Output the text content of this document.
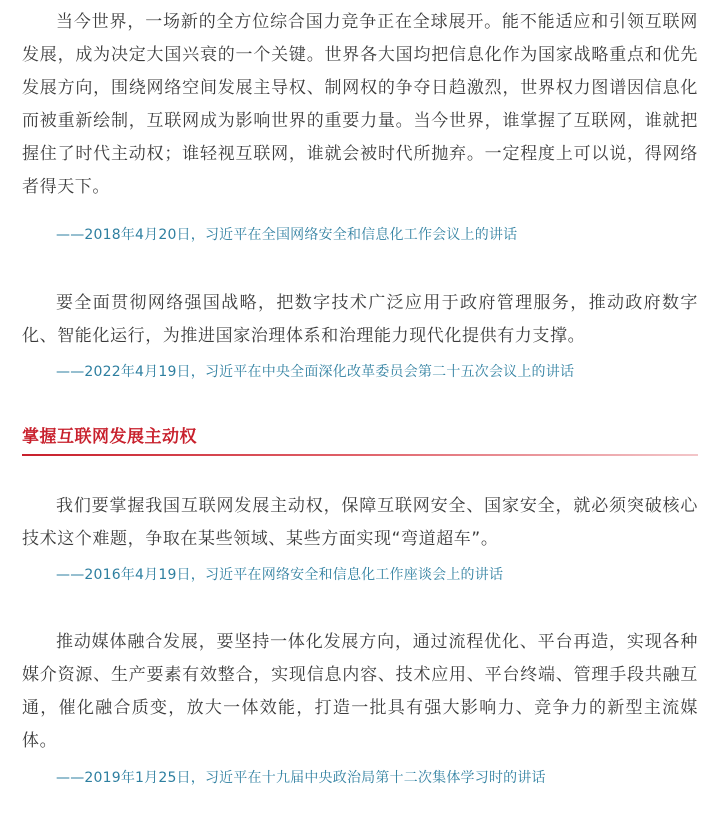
当今世界，一场新的全方位综合国力竞争正在全球展开。能不能适应和引领互联网发展，成为决定大国兴衰的一个关键。世界各大国均把信息化作为国家战略重点和优先发展方向，围绕网络空间发展主导权、制网权的争夺日趋激烈，世界权力图谱因信息化而被重新绘制，互联网成为影响世界的重要力量。当今世界，谁掌握了互联网，谁就把握住了时代主动权；谁轻视互联网，谁就会被时代所抛弃。一定程度上可以说，得网络者得天下。

——2018年4月20日，习近平在全国网络安全和信息化工作会议上的讲话

要全面贯彻网络强国战略，把数字技术广泛应用于政府管理服务，推动政府数字化、智能化运行，为推进国家治理体系和治理能力现代化提供有力支撑。

——2022年4月19日，习近平在中央全面深化改革委员会第二十五次会议上的讲话

掌握互联网发展主动权

我们要掌握我国互联网发展主动权，保障互联网安全、国家安全，就必须突破核心技术这个难题，争取在某些领域、某些方面实现“弯道超车”。

——2016年4月19日，习近平在网络安全和信息化工作座谈会上的讲话

推动媒体融合发展，要坚持一体化发展方向，通过流程优化、平台再造，实现各种媒介资源、生产要素有效整合，实现信息内容、技术应用、平台终端、管理手段共融互通，催化融合质变，放大一体效能，打造一批具有强大影响力、竞争力的新型主流媒体。

——2019年1月25日，习近平在十九届中央政治局第十二次集体学习时的讲话
